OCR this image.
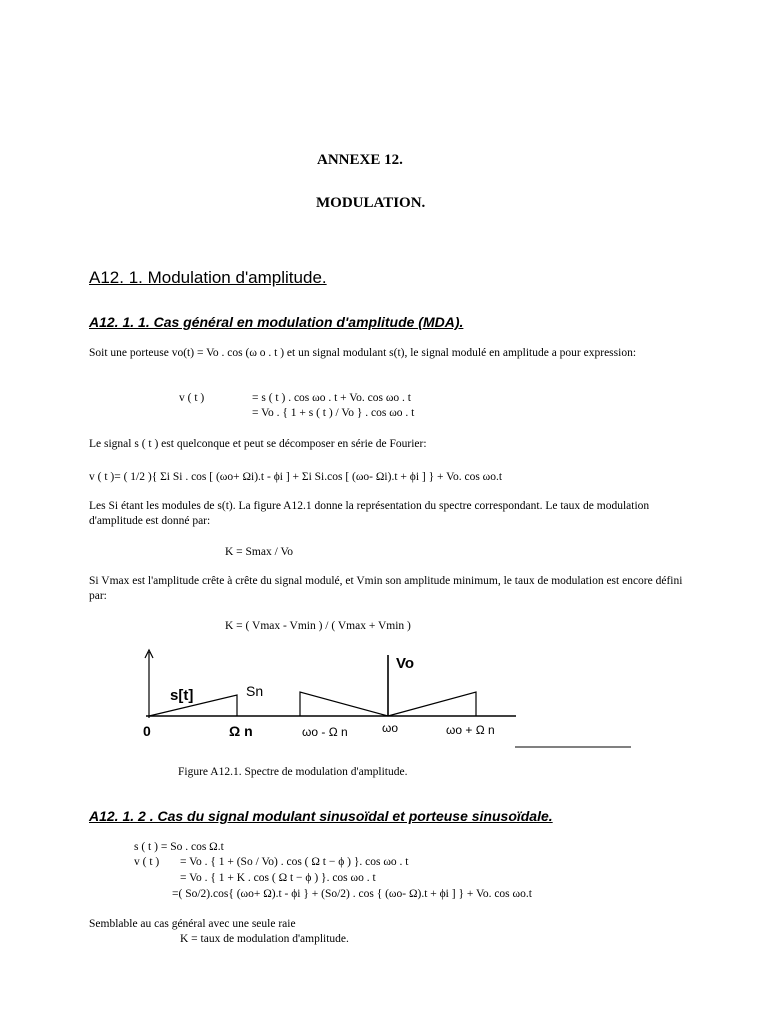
ANNEXE 12.
MODULATION.
A12. 1. Modulation d'amplitude.
A12. 1. 1. Cas général en modulation d'amplitude (MDA).
Soit une porteuse vo(t) = Vo . cos (ω o . t ) et un signal modulant s(t), le signal modulé en amplitude a pour expression:
v ( t )	= s ( t ) . cos ωo . t + Vo. cos ωo . t
= Vo . { 1 + s ( t ) / Vo } . cos ωo . t
Le signal s ( t ) est quelconque et peut se décomposer en série de Fourier:
v ( t )= ( 1/2 ){ Σi Si . cos [ (ωo+ Ωi).t - ϕi ] + Σi Si.cos [ (ωo- Ωi).t + ϕi ] } + Vo. cos ωo.t
Les Si étant les modules de s(t). La figure A12.1 donne la représentation du spectre correspondant. Le taux de modulation d'amplitude est donné par:
K = Smax / Vo
Si Vmax est l'amplitude crête à crête du signal modulé, et Vmin son amplitude minimum, le taux de modulation est encore défini par:
K = ( Vmax - Vmin ) / ( Vmax + Vmin )
s[t]	Sn
Vo
0	Ω n	ωo - Ω n	ωo	ωo + Ω n
Figure A12.1. Spectre de modulation d'amplitude.
A12. 1. 2 . Cas du signal modulant sinusoïdal et porteuse sinusoïdale.
s ( t ) = So . cos Ω.t
v ( t ) = Vo . { 1 + (So / Vo) . cos ( Ω t − ϕ ) }. cos ωo . t
= Vo . { 1 + K . cos ( Ω t − ϕ ) }. cos ωo . t
=( So/2).cos{ (ωo+ Ω).t - ϕi } + (So/2) . cos { (ωo- Ω).t + ϕi ] } + Vo. cos ωo.t
Semblable au cas général avec une seule raie
K = taux de modulation d'amplitude.
